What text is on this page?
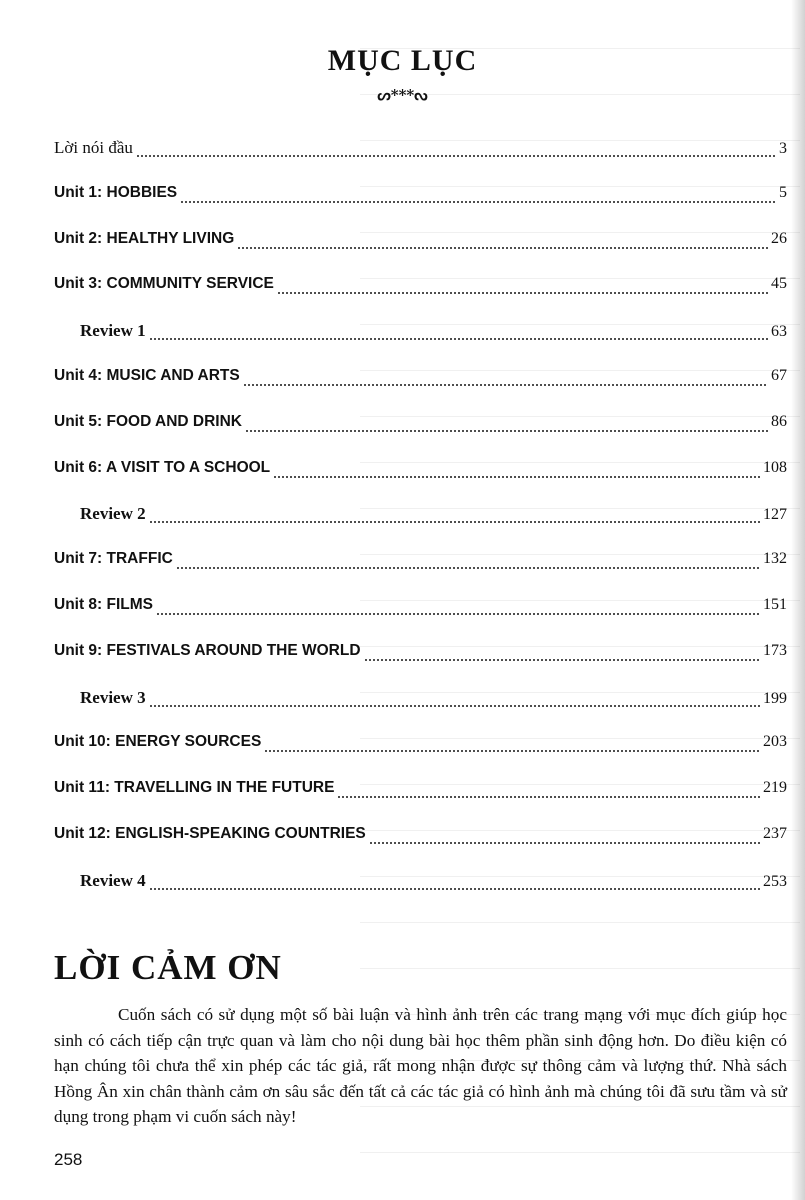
MỤC LỤC
ᔕ***ᔓ
Lời nói đầu	3
Unit 1: HOBBIES	5
Unit 2: HEALTHY LIVING	26
Unit 3: COMMUNITY SERVICE	45
Review 1	63
Unit 4: MUSIC AND ARTS	67
Unit 5: FOOD AND DRINK	86
Unit 6: A VISIT TO A SCHOOL	108
Review 2	127
Unit 7: TRAFFIC	132
Unit 8: FILMS	151
Unit 9: FESTIVALS AROUND THE WORLD	173
Review 3	199
Unit 10: ENERGY SOURCES	203
Unit 11: TRAVELLING IN THE FUTURE	219
Unit 12: ENGLISH-SPEAKING COUNTRIES	237
Review 4	253
LỜI CẢM ƠN
Cuốn sách có sử dụng một số bài luận và hình ảnh trên các trang mạng với mục đích giúp học sinh có cách tiếp cận trực quan và làm cho nội dung bài học thêm phần sinh động hơn. Do điều kiện có hạn chúng tôi chưa thể xin phép các tác giả, rất mong nhận được sự thông cảm và lượng thứ. Nhà sách Hồng Ân xin chân thành cảm ơn sâu sắc đến tất cả các tác giả có hình ảnh mà chúng tôi đã sưu tầm và sử dụng trong phạm vi cuốn sách này!
258
